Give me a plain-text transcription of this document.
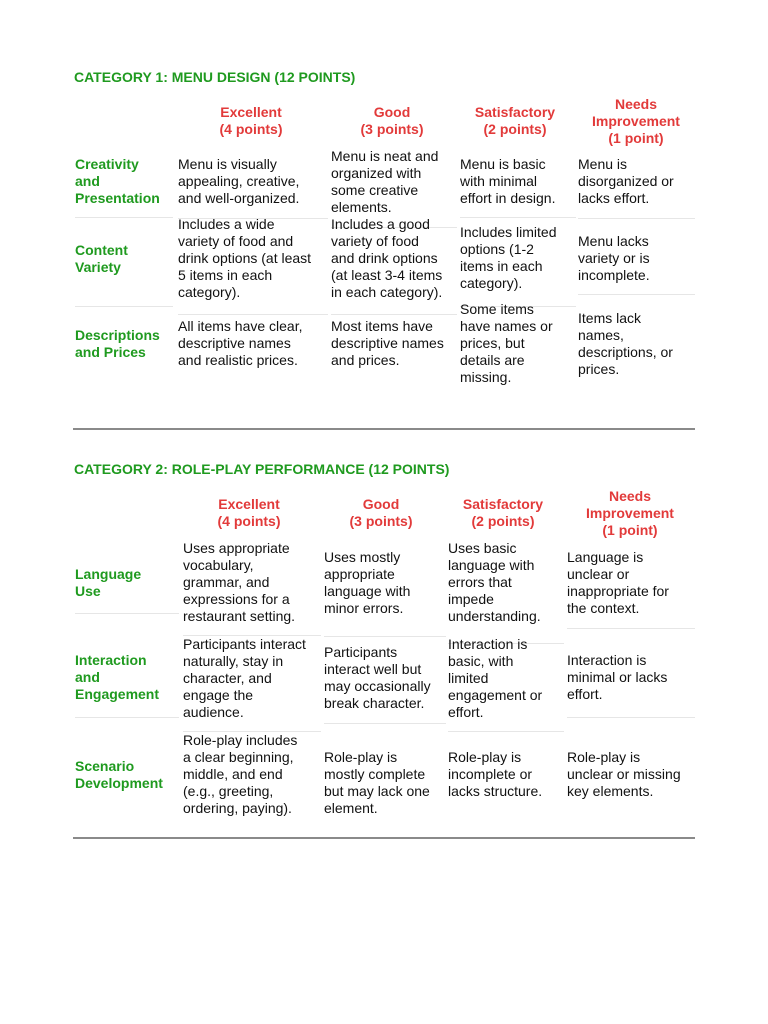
CATEGORY 1: MENU DESIGN (12 POINTS)
Excellent
(4 points)
Good
(3 points)
Satisfactory
(2 points)
Needs
Improvement
(1 point)
Creativity
and
Presentation
Menu is visually
appealing, creative,
and well-organized.
Menu is neat and
organized with
some creative
elements.
Menu is basic
with minimal
effort in design.
Menu is
disorganized or
lacks effort.
Content
Variety
Includes a wide
variety of food and
drink options (at least
5 items in each
category).
Includes a good
variety of food
and drink options
(at least 3-4 items
in each category).
Includes limited
options (1-2
items in each
category).
Menu lacks
variety or is
incomplete.
Descriptions
and Prices
All items have clear,
descriptive names
and realistic prices.
Most items have
descriptive names
and prices.
Some items
have names or
prices, but
details are
missing.
Items lack
names,
descriptions, or
prices.
CATEGORY 2: ROLE-PLAY PERFORMANCE (12 POINTS)
Excellent
(4 points)
Good
(3 points)
Satisfactory
(2 points)
Needs
Improvement
(1 point)
Language
Use
Uses appropriate
vocabulary,
grammar, and
expressions for a
restaurant setting.
Uses mostly
appropriate
language with
minor errors.
Uses basic
language with
errors that
impede
understanding.
Language is
unclear or
inappropriate for
the context.
Interaction
and
Engagement
Participants interact
naturally, stay in
character, and
engage the
audience.
Participants
interact well but
may occasionally
break character.
Interaction is
basic, with
limited
engagement or
effort.
Interaction is
minimal or lacks
effort.
Scenario
Development
Role-play includes
a clear beginning,
middle, and end
(e.g., greeting,
ordering, paying).
Role-play is
mostly complete
but may lack one
element.
Role-play is
incomplete or
lacks structure.
Role-play is
unclear or missing
key elements.
